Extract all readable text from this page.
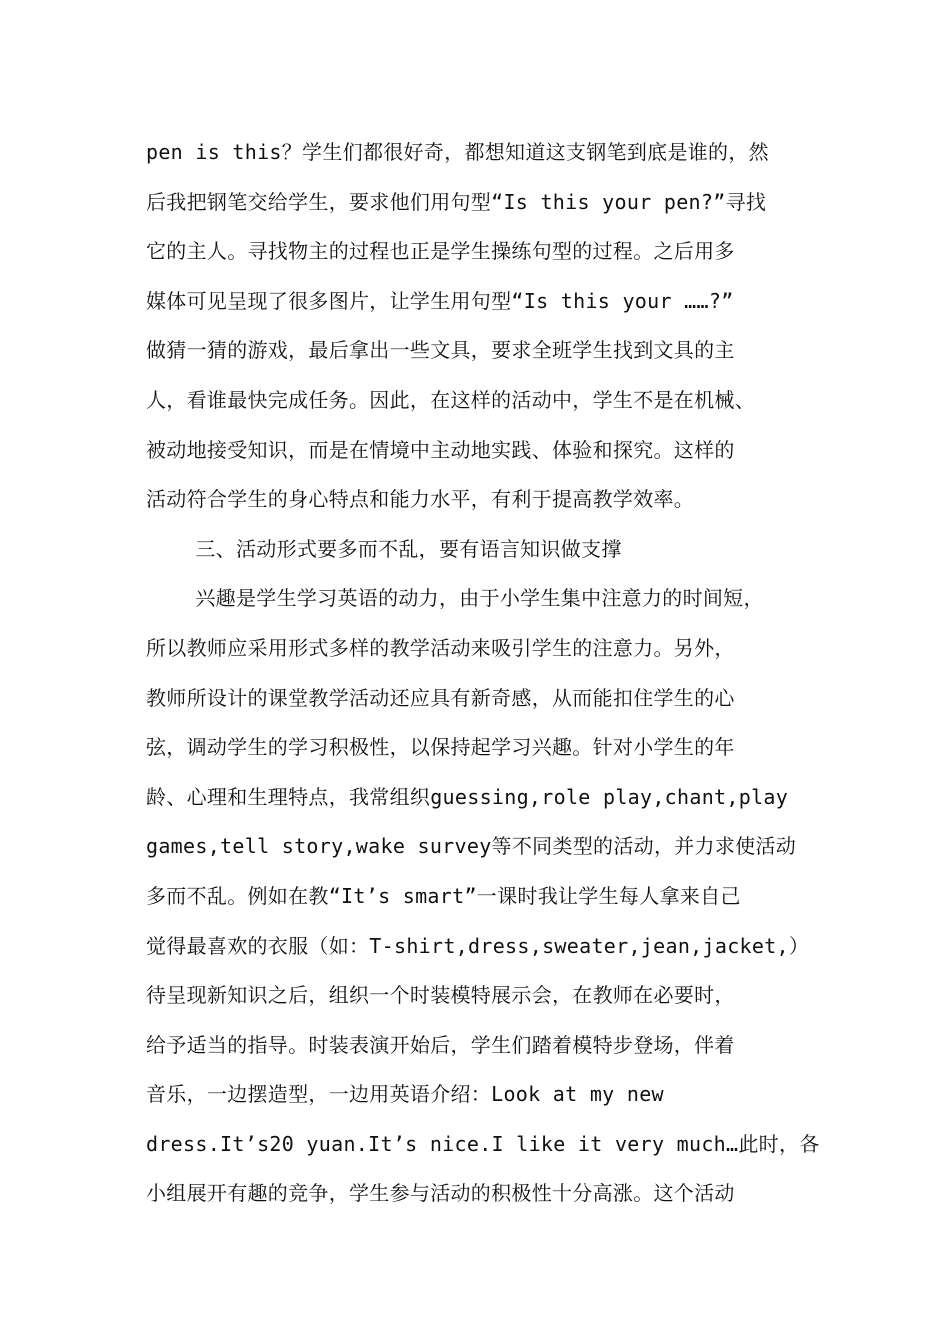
pen is this？学生们都很好奇，都想知道这支钢笔到底是谁的，然
后我把钢笔交给学生，要求他们用句型“Is this your pen?”寻找
它的主人。寻找物主的过程也正是学生操练句型的过程。之后用多
媒体可见呈现了很多图片，让学生用句型“Is this your ……?”
做猜一猜的游戏，最后拿出一些文具，要求全班学生找到文具的主
人，看谁最快完成任务。因此，在这样的活动中，学生不是在机械、
被动地接受知识，而是在情境中主动地实践、体验和探究。这样的
活动符合学生的身心特点和能力水平，有利于提高教学效率。
三、活动形式要多而不乱，要有语言知识做支撑
兴趣是学生学习英语的动力，由于小学生集中注意力的时间短，
所以教师应采用形式多样的教学活动来吸引学生的注意力。另外，
教师所设计的课堂教学活动还应具有新奇感，从而能扣住学生的心
弦，调动学生的学习积极性，以保持起学习兴趣。针对小学生的年
龄、心理和生理特点，我常组织guessing,role play,chant,play
games,tell story,wake survey等不同类型的活动，并力求使活动
多而不乱。例如在教“It’s smart”一课时我让学生每人拿来自己
觉得最喜欢的衣服（如：T-shirt,dress,sweater,jean,jacket,）
待呈现新知识之后，组织一个时装模特展示会，在教师在必要时，
给予适当的指导。时装表演开始后，学生们踏着模特步登场，伴着
音乐，一边摆造型，一边用英语介绍：Look at my new
dress.It’s20 yuan.It’s nice.I like it very much…此时，各
小组展开有趣的竞争，学生参与活动的积极性十分高涨。这个活动
